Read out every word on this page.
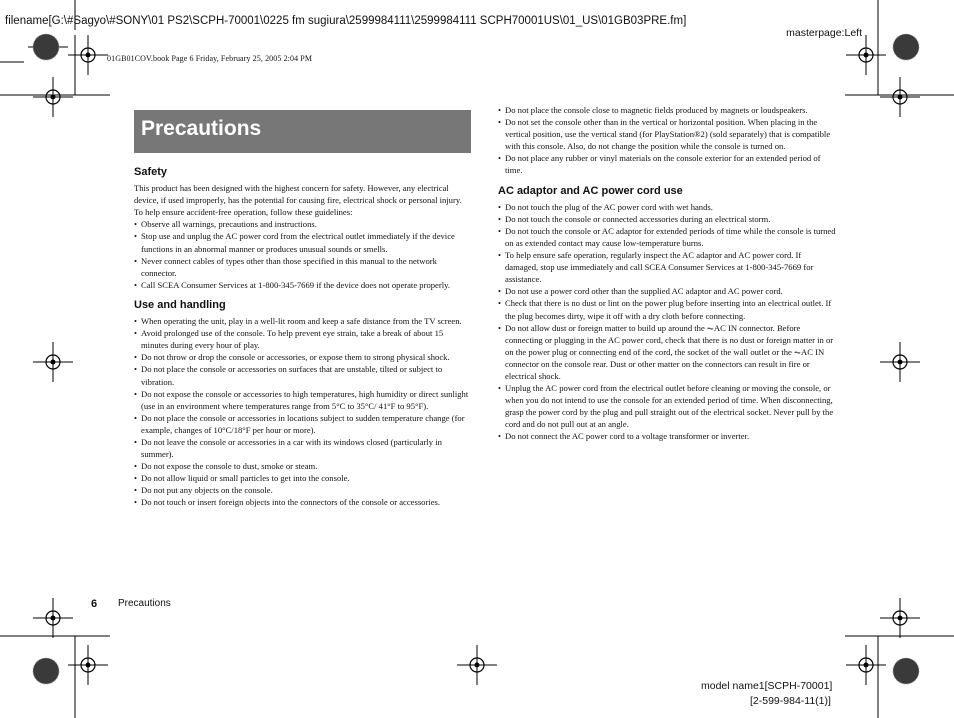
filename[G:\#Sagyo\#SONY\01 PS2\SCPH-70001\0225 fm sugiura\2599984111\2599984111 SCPH70001US\01_US\01GB03PRE.fm]
masterpage:Left
01GB01COV.book Page 6 Friday, February 25, 2005 2:04 PM
Precautions
Safety

This product has been designed with the highest concern for safety. However, any electrical device, if used improperly, has the potential for causing fire, electrical shock or personal injury. To help ensure accident-free operation, follow these guidelines:

• Observe all warnings, precautions and instructions.
• Stop use and unplug the AC power cord from the electrical outlet immediately if the device functions in an abnormal manner or produces unusual sounds or smells.
• Never connect cables of types other than those specified in this manual to the network connector.
• Call SCEA Consumer Services at 1-800-345-7669 if the device does not operate properly.
Use and handling
• When operating the unit, play in a well-lit room and keep a safe distance from the TV screen.
• Avoid prolonged use of the console. To help prevent eye strain, take a break of about 15 minutes during every hour of play.
• Do not throw or drop the console or accessories, or expose them to strong physical shock.
• Do not place the console or accessories on surfaces that are unstable, tilted or subject to vibration.
• Do not expose the console or accessories to high temperatures, high humidity or direct sunlight (use in an environment where temperatures range from 5°C to 35°C/ 41°F to 95°F).
• Do not place the console or accessories in locations subject to sudden temperature change (for example, changes of 10°C/18°F per hour or more).
• Do not leave the console or accessories in a car with its windows closed (particularly in summer).
• Do not expose the console to dust, smoke or steam.
• Do not allow liquid or small particles to get into the console.
• Do not put any objects on the console.
• Do not touch or insert foreign objects into the connectors of the console or accessories.
• Do not place the console close to magnetic fields produced by magnets or loudspeakers.
• Do not set the console other than in the vertical or horizontal position. When placing in the vertical position, use the vertical stand (for PlayStation®2) (sold separately) that is compatible with this console. Also, do not change the position while the console is turned on.
• Do not place any rubber or vinyl materials on the console exterior for an extended period of time.
AC adaptor and AC power cord use
• Do not touch the plug of the AC power cord with wet hands.
• Do not touch the console or connected accessories during an electrical storm.
• Do not touch the console or AC adaptor for extended periods of time while the console is turned on as extended contact may cause low-temperature burns.
• To help ensure safe operation, regularly inspect the AC adaptor and AC power cord. If damaged, stop use immediately and call SCEA Consumer Services at 1-800-345-7669 for assistance.
• Do not use a power cord other than the supplied AC adaptor and AC power cord.
• Check that there is no dust or lint on the power plug before inserting into an electrical outlet. If the plug becomes dirty, wipe it off with a dry cloth before connecting.
• Do not allow dust or foreign matter to build up around the ⏦AC IN connector. Before connecting or plugging in the AC power cord, check that there is no dust or foreign matter in or on the power plug or connecting end of the cord, the socket of the wall outlet or the ⏦AC IN connector on the console rear. Dust or other matter on the connectors can result in fire or electrical shock.
• Unplug the AC power cord from the electrical outlet before cleaning or moving the console, or when you do not intend to use the console for an extended period of time. When disconnecting, grasp the power cord by the plug and pull straight out of the electrical socket. Never pull by the cord and do not pull out at an angle.
• Do not connect the AC power cord to a voltage transformer or inverter.
6 Precautions
model name1[SCPH-70001]
[2-599-984-11(1)]
